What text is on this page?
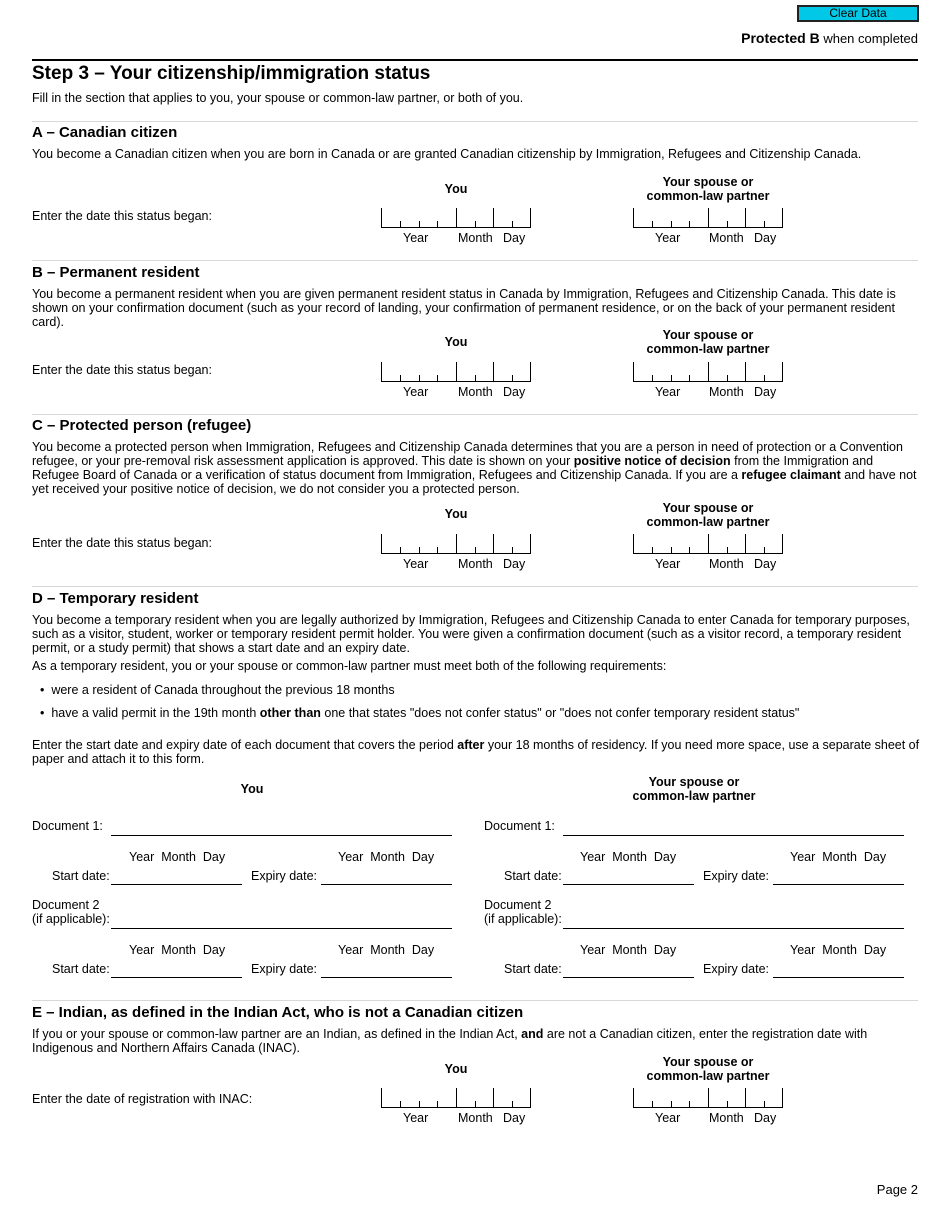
Clear Data
Protected B when completed
Step 3 – Your citizenship/immigration status
Fill in the section that applies to you, your spouse or common-law partner, or both of you.
A – Canadian citizen
You become a Canadian citizen when you are born in Canada or are granted Canadian citizenship by Immigration, Refugees and Citizenship Canada.
You	Your spouse or
common-law partner
Enter the date this status began:
Year Month Day	Year Month Day
B – Permanent resident
You become a permanent resident when you are given permanent resident status in Canada by Immigration, Refugees and Citizenship Canada. This date is shown on your confirmation document (such as your record of landing, your confirmation of permanent residence, or on the back of your permanent resident card).
You	Your spouse or
common-law partner
Enter the date this status began:
Year Month Day	Year Month Day
C – Protected person (refugee)
You become a protected person when Immigration, Refugees and Citizenship Canada determines that you are a person in need of protection or a Convention refugee, or your pre-removal risk assessment application is approved. This date is shown on your positive notice of decision from the Immigration and Refugee Board of Canada or a verification of status document from Immigration, Refugees and Citizenship Canada. If you are a refugee claimant and have not yet received your positive notice of decision, we do not consider you a protected person.
You	Your spouse or
common-law partner
Enter the date this status began:
Year Month Day	Year Month Day
D – Temporary resident
You become a temporary resident when you are legally authorized by Immigration, Refugees and Citizenship Canada to enter Canada for temporary purposes, such as a visitor, student, worker or temporary resident permit holder. You were given a confirmation document (such as a visitor record, a temporary resident permit, or a study permit) that shows a start date and an expiry date.
As a temporary resident, you or your spouse or common-law partner must meet both of the following requirements:
•  were a resident of Canada throughout the previous 18 months
•  have a valid permit in the 19th month other than one that states "does not confer status" or "does not confer temporary resident status"
Enter the start date and expiry date of each document that covers the period after your 18 months of residency. If you need more space, use a separate sheet of paper and attach it to this form.
You
Document 1:
Year  Month  Day	Year  Month  Day
Start date:	Expiry date:
Document 2
(if applicable):
Year  Month  Day	Year  Month  Day
Start date:	Expiry date:
Your spouse or
common-law partner
Document 1:
Year  Month  Day	Year  Month  Day
Start date:	Expiry date:
Document 2
(if applicable):
Year  Month  Day	Year  Month  Day
Start date:	Expiry date:
E – Indian, as defined in the Indian Act, who is not a Canadian citizen
If you or your spouse or common-law partner are an Indian, as defined in the Indian Act, and are not a Canadian citizen, enter the registration date with Indigenous and Northern Affairs Canada (INAC).
You	Your spouse or
common-law partner
Enter the date of registration with INAC:
Year Month Day	Year Month Day
Page 2
